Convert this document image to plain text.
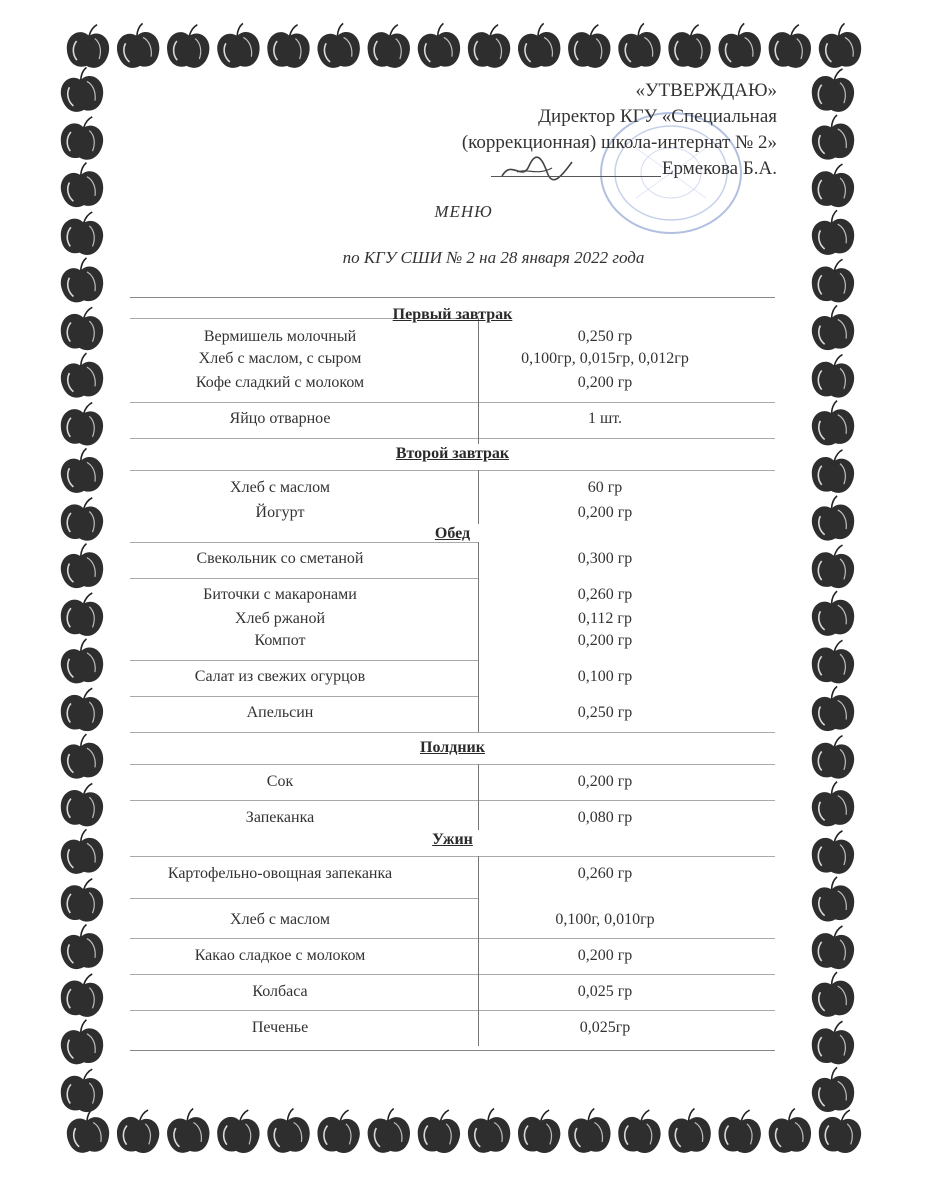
«УТВЕРЖДАЮ»
Директор КГУ «Специальная
(коррекционная) школа-интернат № 2»
Ермекова Б.А.
МЕНЮ
по КГУ СШИ № 2 на 28 января 2022 года
Первый завтрак
Вермишель молочный	0,250 гр
Хлеб с маслом, с сыром	0,100гр, 0,015гр, 0,012гр
Кофе сладкий с молоком	0,200 гр
Яйцо отварное	1 шт.
Второй завтрак
Хлеб с маслом	60 гр
Йогурт	0,200 гр
Обед
Свекольник со сметаной	0,300 гр
Биточки с макаронами	0,260 гр
Хлеб ржаной	0,112 гр
Компот	0,200 гр
Салат из свежих огурцов	0,100 гр
Апельсин	0,250 гр
Полдник
Сок	0,200 гр
Запеканка	0,080 гр
Ужин
Картофельно-овощная запеканка	0,260 гр
Хлеб с маслом	0,100г, 0,010гр
Какао сладкое с молоком	0,200 гр
Колбаса	0,025 гр
Печенье	0,025гр
